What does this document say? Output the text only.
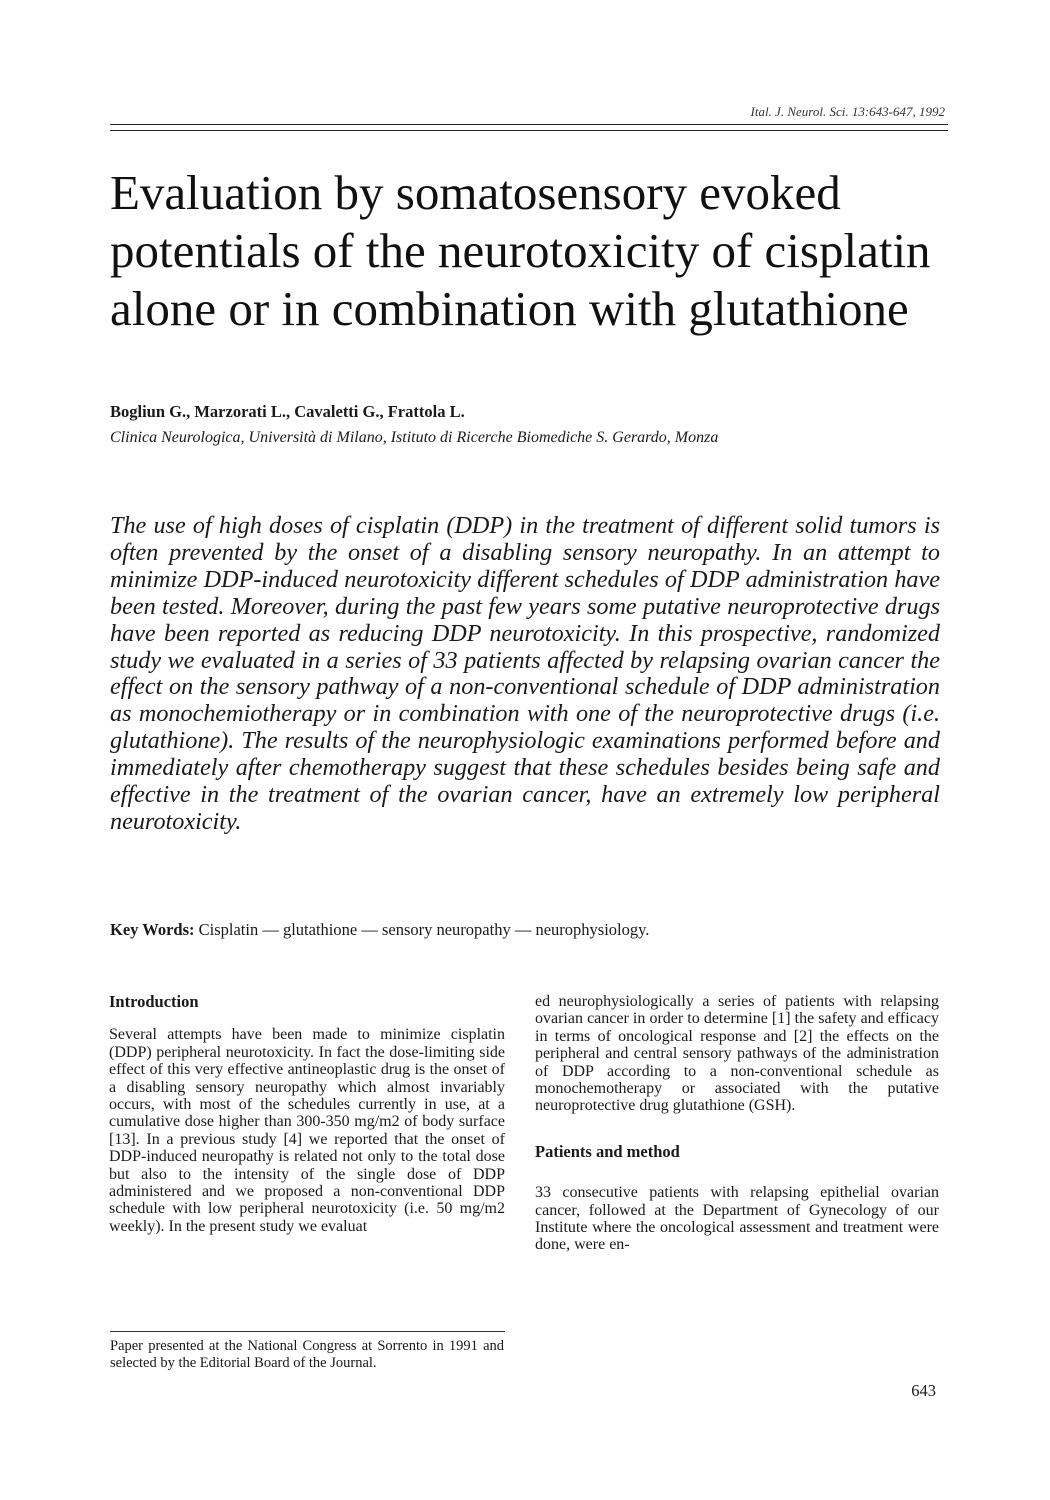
Ital. J. Neurol. Sci. 13:643-647, 1992
Evaluation by somatosensory evoked potentials of the neurotoxicity of cisplatin alone or in combination with glutathione
Bogliun G., Marzorati L., Cavaletti G., Frattola L.
Clinica Neurologica, Università di Milano, Istituto di Ricerche Biomediche S. Gerardo, Monza

The use of high doses of cisplatin (DDP) in the treatment of different solid tumors is often prevented by the onset of a disabling sensory neuropathy. In an attempt to minimize DDP-induced neurotoxicity different schedules of DDP administration have been tested. Moreover, during the past few years some putative neuroprotective drugs have been reported as reducing DDP neurotoxicity. In this prospective, randomized study we evaluated in a series of 33 patients affected by relapsing ovarian cancer the effect on the sensory pathway of a non-conventional schedule of DDP administration as monochemiotherapy or in combination with one of the neuroprotective drugs (i.e. glutathione). The results of the neurophysiologic examinations performed before and immediately after chemotherapy suggest that these schedules besides being safe and effective in the treatment of the ovarian cancer, have an extremely low peripheral neurotoxicity.

Key Words: Cisplatin — glutathione — sensory neuropathy — neurophysiology.
Introduction

Several attempts have been made to minimize cisplatin (DDP) peripheral neurotoxicity. In fact the dose-limiting side effect of this very effective antineoplastic drug is the onset of a disabling sensory neuropathy which almost invariably occurs, with most of the schedules currently in use, at a cumulative dose higher than 300-350 mg/m2 of body surface [13]. In a previous study [4] we reported that the onset of DDP-induced neuropathy is related not only to the total dose but also to the intensity of the single dose of DDP administered and we proposed a non-conventional DDP schedule with low peripheral neurotoxicity (i.e. 50 mg/m2 weekly). In the present study we evaluat

ed neurophysiologically a series of patients with relapsing ovarian cancer in order to determine [1] the safety and efficacy in terms of oncological response and [2] the effects on the peripheral and central sensory pathways of the administration of DDP according to a non-conventional schedule as monochemotherapy or associated with the putative neuroprotective drug glutathione (GSH).

Patients and method

33 consecutive patients with relapsing epithelial ovarian cancer, followed at the Department of Gynecology of our Institute where the oncological assessment and treatment were done, were en-

Paper presented at the National Congress at Sorrento in 1991 and selected by the Editorial Board of the Journal.
643
